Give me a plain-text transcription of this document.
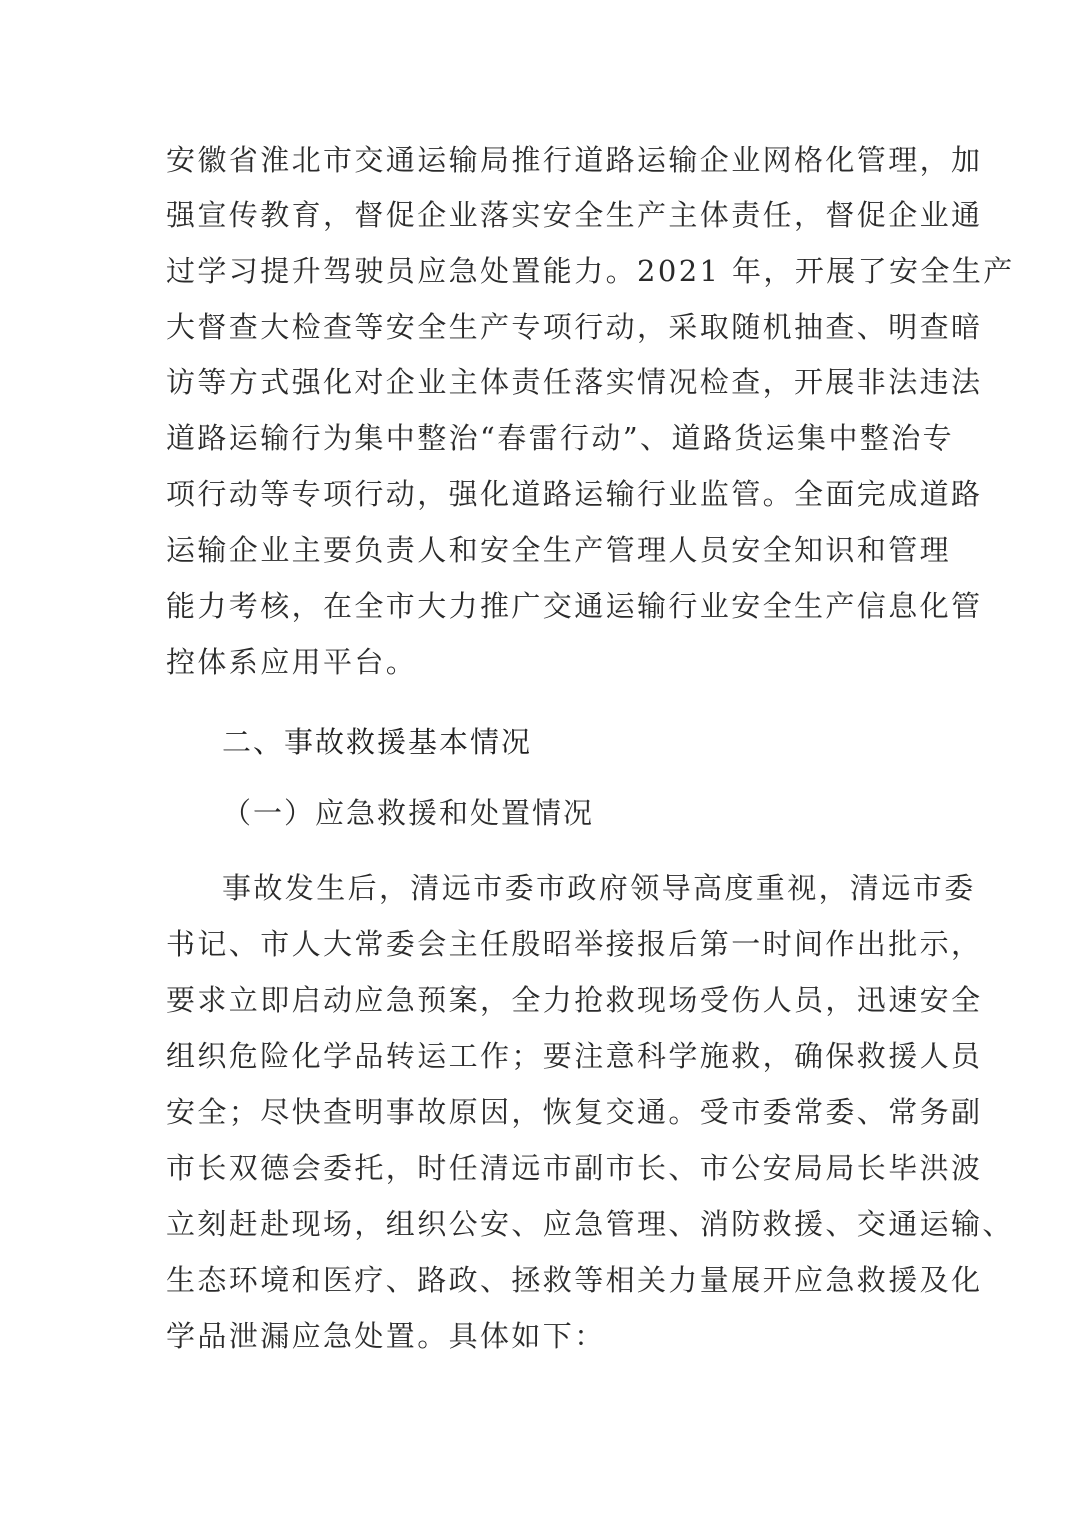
安徽省淮北市交通运输局推行道路运输企业网格化管理，加
强宣传教育，督促企业落实安全生产主体责任，督促企业通
过学习提升驾驶员应急处置能力。2021 年，开展了安全生产
大督查大检查等安全生产专项行动，采取随机抽查、明查暗
访等方式强化对企业主体责任落实情况检查，开展非法违法
道路运输行为集中整治“春雷行动”、道路货运集中整治专
项行动等专项行动，强化道路运输行业监管。全面完成道路
运输企业主要负责人和安全生产管理人员安全知识和管理
能力考核，在全市大力推广交通运输行业安全生产信息化管
控体系应用平台。
二、事故救援基本情况
（一）应急救援和处置情况
事故发生后，清远市委市政府领导高度重视，清远市委
书记、市人大常委会主任殷昭举接报后第一时间作出批示，
要求立即启动应急预案，全力抢救现场受伤人员，迅速安全
组织危险化学品转运工作；要注意科学施救，确保救援人员
安全；尽快查明事故原因，恢复交通。受市委常委、常务副
市长双德会委托，时任清远市副市长、市公安局局长毕洪波
立刻赶赴现场，组织公安、应急管理、消防救援、交通运输、
生态环境和医疗、路政、拯救等相关力量展开应急救援及化
学品泄漏应急处置。具体如下：
